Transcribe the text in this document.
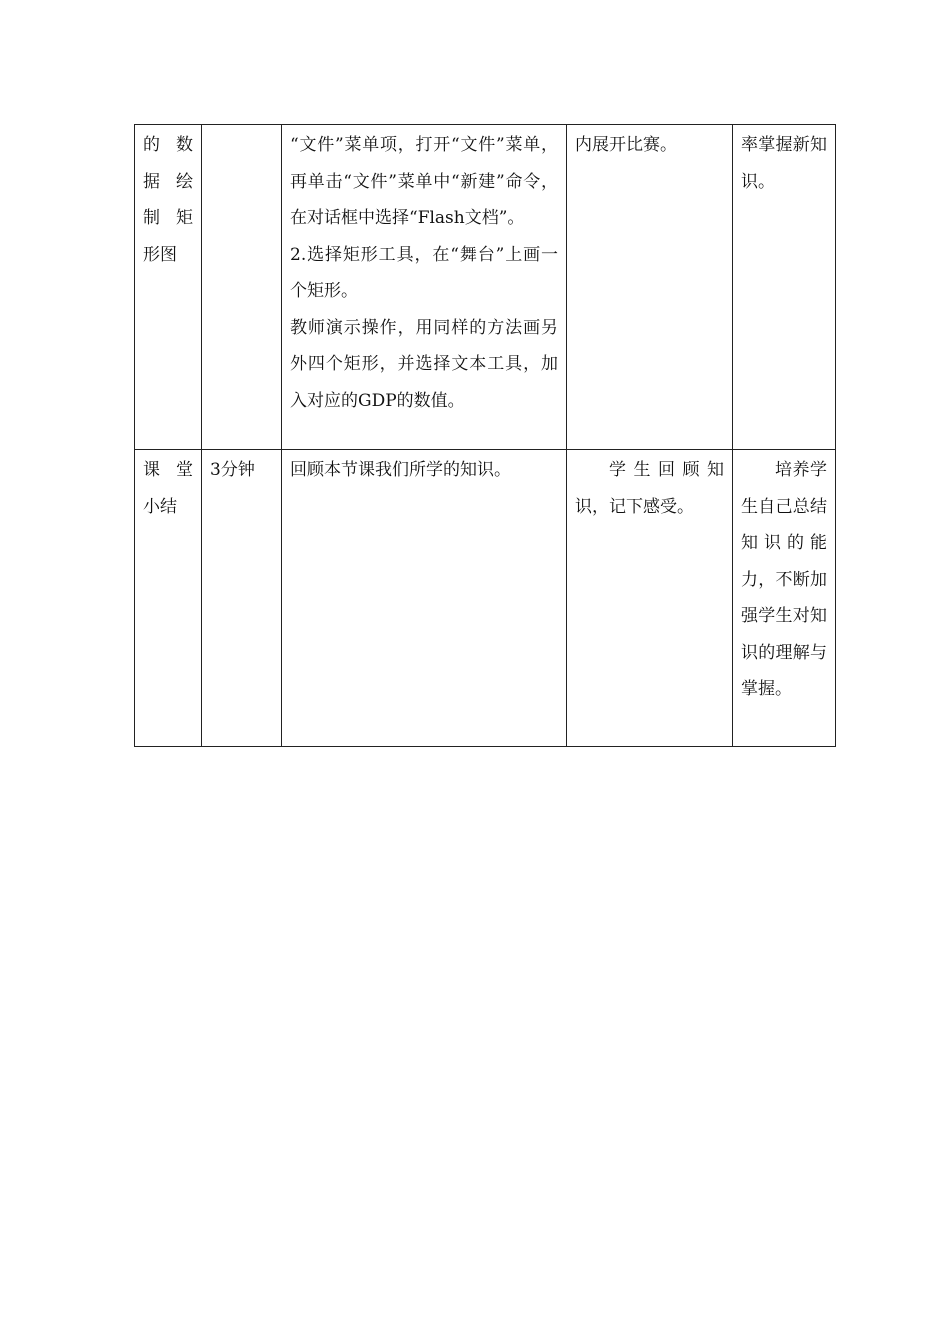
的数据绘制矩形图		“文件”菜单项，打开“文件”菜单，再单击“文件”菜单中“新建”命令，在对话框中选择“Flash文档”。

2.选择矩形工具，在“舞台”上画一个矩形。

教师演示操作，用同样的方法画另外四个矩形，并选择文本工具，加入对应的GDP的数值。	内展开比赛。	率掌握新知识。

课堂小结	3分钟	回顾本节课我们所学的知识。	学生回顾知识，记下感受。	培养学生自己总结知识的能力，不断加强学生对知识的理解与掌握。
